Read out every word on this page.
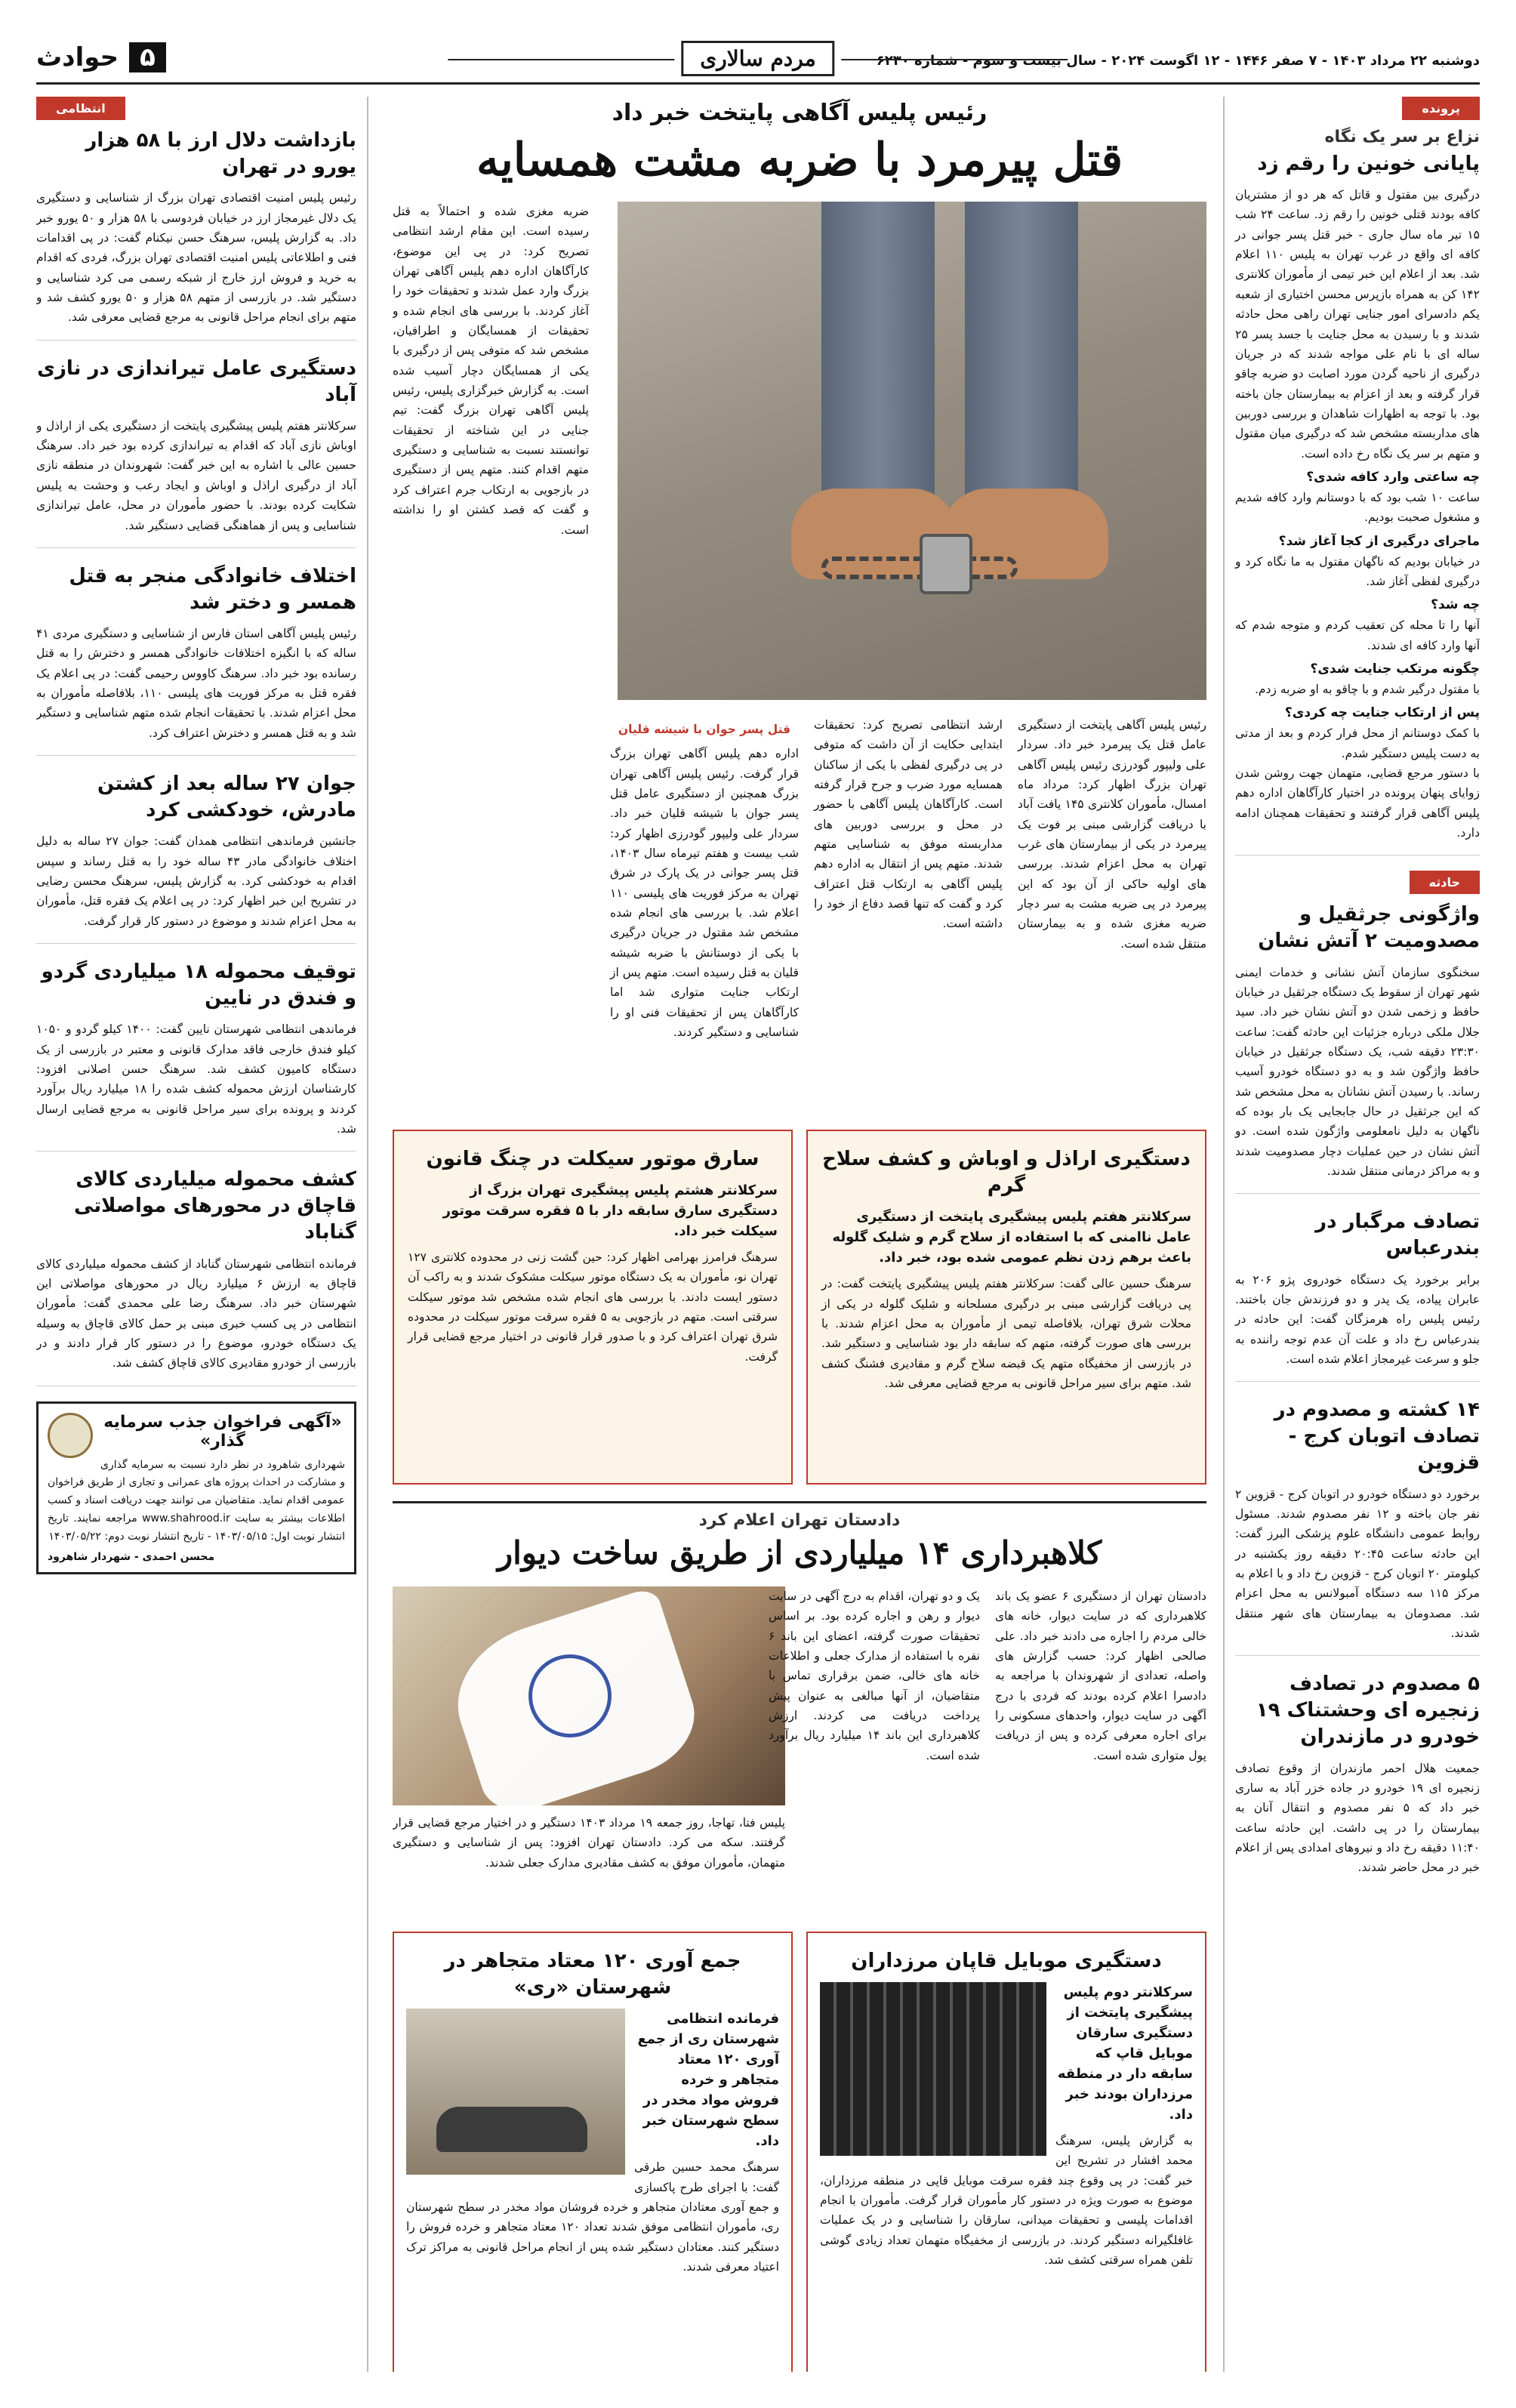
دوشنبه ۲۲ مرداد ۱۴۰۳ - ۷ صفر ۱۴۴۶ - ۱۲ اگوست ۲۰۲۴ - سال بیست و سوم - شماره ۶۲۳۰
مردم سالاری
۵
حوادث
پرونده
نزاع بر سر یک نگاه
پایانی خونین را رقم زد

درگیری بین مقتول و قاتل که هر دو از مشتریان کافه بودند قتلی خونین را رقم زد. ساعت ۲۴ شب ۱۵ تیر ماه سال جاری - خبر قتل پسر جوانی در کافه ای واقع در غرب تهران به پلیس ۱۱۰ اعلام شد. بعد از اعلام این خبر تیمی از مأموران کلانتری ۱۴۲ کن به همراه بازپرس محسن اختیاری از شعبه یکم دادسرای امور جنایی تهران راهی محل حادثه شدند و با رسیدن به محل جنایت با جسد پسر ۲۵ ساله ای با نام علی مواجه شدند که در جریان درگیری از ناحیه گردن مورد اصابت دو ضربه چاقو قرار گرفته و بعد از اعزام به بیمارستان جان باخته بود. با توجه به اظهارات شاهدان و بررسی دوربین های مداربسته مشخص شد که درگیری میان مقتول و متهم بر سر یک نگاه رخ داده است.

چه ساعتی وارد کافه شدی؟

ساعت ۱۰ شب بود که با دوستانم وارد کافه شدیم و مشغول صحبت بودیم.

ماجرای درگیری از کجا آغاز شد؟

در خیابان بودیم که ناگهان مقتول به ما نگاه کرد و درگیری لفظی آغاز شد.

چه شد؟

آنها را تا محله کن تعقیب کردم و متوجه شدم که آنها وارد کافه ای شدند.

چگونه مرتکب جنایت شدی؟

با مقتول درگیر شدم و با چاقو به او ضربه زدم.

پس از ارتکاب جنایت چه کردی؟

با کمک دوستانم از محل فرار کردم و بعد از مدتی به دست پلیس دستگیر شدم.

با دستور مرجع قضایی، متهمان جهت روشن شدن زوایای پنهان پرونده در اختیار کارآگاهان اداره دهم پلیس آگاهی قرار گرفتند و تحقیقات همچنان ادامه دارد.

حادثه
واژگونی جرثقیل و مصدومیت ۲ آتش نشان

سخنگوی سازمان آتش نشانی و خدمات ایمنی شهر تهران از سقوط یک دستگاه جرثقیل در خیابان حافظ و زخمی شدن دو آتش نشان خبر داد. سید جلال ملکی درباره جزئیات این حادثه گفت: ساعت ۲۳:۳۰ دقیقه شب، یک دستگاه جرثقیل در خیابان حافظ واژگون شد و به دو دستگاه خودرو آسیب رساند. با رسیدن آتش نشانان به محل مشخص شد که این جرثقیل در حال جابجایی یک بار بوده که ناگهان به دلیل نامعلومی واژگون شده است. دو آتش نشان در حین عملیات دچار مصدومیت شدند و به مراکز درمانی منتقل شدند.

تصادف مرگبار در بندرعباس

برابر برخورد یک دستگاه خودروی پژو ۲۰۶ به عابران پیاده، یک پدر و دو فرزندش جان باختند. رئیس پلیس راه هرمزگان گفت: این حادثه در بندرعباس رخ داد و علت آن عدم توجه راننده به جلو و سرعت غیرمجاز اعلام شده است.

۱۴ کشته و مصدوم در تصادف اتوبان کرج - قزوین

برخورد دو دستگاه خودرو در اتوبان کرج - قزوین ۲ نفر جان باخته و ۱۲ نفر مصدوم شدند. مسئول روابط عمومی دانشگاه علوم پزشکی البرز گفت: این حادثه ساعت ۲۰:۴۵ دقیقه روز یکشنبه در کیلومتر ۲۰ اتوبان کرج - قزوین رخ داد و با اعلام به مرکز ۱۱۵ سه دستگاه آمبولانس به محل اعزام شد. مصدومان به بیمارستان های شهر منتقل شدند.

۵ مصدوم در تصادف زنجیره ای وحشتناک ۱۹ خودرو در مازندران

جمعیت هلال احمر مازندران از وقوع تصادف زنجیره ای ۱۹ خودرو در جاده خزر آباد به ساری خبر داد که ۵ نفر مصدوم و انتقال آنان به بیمارستان را در پی داشت. این حادثه ساعت ۱۱:۴۰ دقیقه رخ داد و نیروهای امدادی پس از اعلام خبر در محل حاضر شدند.

انتظامی
بازداشت دلال ارز با ۵۸ هزار یورو در تهران

رئیس پلیس امنیت اقتصادی تهران بزرگ از شناسایی و دستگیری یک دلال غیرمجاز ارز در خیابان فردوسی با ۵۸ هزار و ۵۰ یورو خبر داد. به گزارش پلیس، سرهنگ حسن نیکنام گفت: در پی اقدامات فنی و اطلاعاتی پلیس امنیت اقتصادی تهران بزرگ، فردی که اقدام به خرید و فروش ارز خارج از شبکه رسمی می کرد شناسایی و دستگیر شد. در بازرسی از متهم ۵۸ هزار و ۵۰ یورو کشف شد و متهم برای انجام مراحل قانونی به مرجع قضایی معرفی شد.

دستگیری عامل تیراندازی در نازی آباد

سرکلانتر هفتم پلیس پیشگیری پایتخت از دستگیری یکی از اراذل و اوباش نازی آباد که اقدام به تیراندازی کرده بود خبر داد. سرهنگ حسین عالی با اشاره به این خبر گفت: شهروندان در منطقه نازی آباد از درگیری اراذل و اوباش و ایجاد رعب و وحشت به پلیس شکایت کرده بودند. با حضور مأموران در محل، عامل تیراندازی شناسایی و پس از هماهنگی قضایی دستگیر شد.

اختلاف خانوادگی منجر به قتل همسر و دختر شد

رئیس پلیس آگاهی استان فارس از شناسایی و دستگیری مردی ۴۱ ساله که با انگیزه اختلافات خانوادگی همسر و دخترش را به قتل رسانده بود خبر داد. سرهنگ کاووس رحیمی گفت: در پی اعلام یک فقره قتل به مرکز فوریت های پلیسی ۱۱۰، بلافاصله مأموران به محل اعزام شدند. با تحقیقات انجام شده متهم شناسایی و دستگیر شد و به قتل همسر و دخترش اعتراف کرد.

جوان ۲۷ ساله بعد از کشتن مادرش، خودکشی کرد

جانشین فرماندهی انتظامی همدان گفت: جوان ۲۷ ساله به دلیل اختلاف خانوادگی مادر ۴۳ ساله خود را به قتل رساند و سپس اقدام به خودکشی کرد. به گزارش پلیس، سرهنگ محسن رضایی در تشریح این خبر اظهار کرد: در پی اعلام یک فقره قتل، مأموران به محل اعزام شدند و موضوع در دستور کار قرار گرفت.

توقیف محموله ۱۸ میلیاردی گردو و فندق در نایین

فرماندهی انتظامی شهرستان نایین گفت: ۱۴۰۰ کیلو گردو و ۱۰۵۰ کیلو فندق خارجی فاقد مدارک قانونی و معتبر در بازرسی از یک دستگاه کامیون کشف شد. سرهنگ حسن اصلانی افزود: کارشناسان ارزش محموله کشف شده را ۱۸ میلیارد ریال برآورد کردند و پرونده برای سیر مراحل قانونی به مرجع قضایی ارسال شد.

کشف محموله میلیاردی کالای قاچاق در محورهای مواصلاتی گناباد

فرمانده انتظامی شهرستان گناباد از کشف محموله میلیاردی کالای قاچاق به ارزش ۶ میلیارد ریال در محورهای مواصلاتی این شهرستان خبر داد. سرهنگ رضا علی محمدی گفت: مأموران انتظامی در پی کسب خبری مبنی بر حمل کالای قاچاق به وسیله یک دستگاه خودرو، موضوع را در دستور کار قرار دادند و در بازرسی از خودرو مقادیری کالای قاچاق کشف شد.

«آگهی فراخوان جذب سرمایه گذار»

شهرداری شاهرود در نظر دارد نسبت به سرمایه گذاری و مشارکت در احداث پروژه های عمرانی و تجاری از طریق فراخوان عمومی اقدام نماید. متقاضیان می توانند جهت دریافت اسناد و کسب اطلاعات بیشتر به سایت www.shahrood.ir مراجعه نمایند. تاریخ انتشار نوبت اول: ۱۴۰۳/۰۵/۱۵ - تاریخ انتشار نوبت دوم: ۱۴۰۳/۰۵/۲۲

محسن احمدی - شهردار شاهرود

رئیس پلیس آگاهی پایتخت خبر داد
قتل پیرمرد با ضربه مشت همسایه

ضربه مغزی شده و احتمالاً به قتل رسیده است. این مقام ارشد انتظامی تصریح کرد: در پی این موضوع، کارآگاهان اداره دهم پلیس آگاهی تهران بزرگ وارد عمل شدند و تحقیقات خود را آغاز کردند. با بررسی های انجام شده و تحقیقات از همسایگان و اطرافیان، مشخص شد که متوفی پس از درگیری با یکی از همسایگان دچار آسیب شده است. به گزارش خبرگزاری پلیس، رئیس پلیس آگاهی تهران بزرگ گفت: تیم جنایی در این شناخته از تحقیقات توانستند نسبت به شناسایی و دستگیری متهم اقدام کنند. متهم پس از دستگیری در بازجویی به ارتکاب جرم اعتراف کرد و گفت که قصد کشتن او را نداشته است.

رئیس پلیس آگاهی پایتخت از دستگیری عامل قتل یک پیرمرد خبر داد. سردار علی ولیپور گودرزی رئیس پلیس آگاهی تهران بزرگ اظهار کرد: مرداد ماه امسال، مأموران کلانتری ۱۴۵ یافت آباد با دریافت گزارشی مبنی بر فوت یک پیرمرد در یکی از بیمارستان های غرب تهران به محل اعزام شدند. بررسی های اولیه حاکی از آن بود که این پیرمرد در پی ضربه مشت به سر دچار ضربه مغزی شده و به بیمارستان منتقل شده است.

ارشد انتظامی تصریح کرد: تحقیقات ابتدایی حکایت از آن داشت که متوفی در پی درگیری لفظی با یکی از ساکنان همسایه مورد ضرب و جرح قرار گرفته است. کارآگاهان پلیس آگاهی با حضور در محل و بررسی دوربین های مداربسته موفق به شناسایی متهم شدند. متهم پس از انتقال به اداره دهم پلیس آگاهی به ارتکاب قتل اعتراف کرد و گفت که تنها قصد دفاع از خود را داشته است.

قتل پسر جوان با شیشه قلیان

اداره دهم پلیس آگاهی تهران بزرگ قرار گرفت. رئیس پلیس آگاهی تهران بزرگ همچنین از دستگیری عامل قتل پسر جوان با شیشه قلیان خبر داد. سردار علی ولیپور گودرزی اظهار کرد: شب بیست و هفتم تیرماه سال ۱۴۰۳، قتل پسر جوانی در یک پارک در شرق تهران به مرکز فوریت های پلیسی ۱۱۰ اعلام شد. با بررسی های انجام شده مشخص شد مقتول در جریان درگیری با یکی از دوستانش با ضربه شیشه قلیان به قتل رسیده است. متهم پس از ارتکاب جنایت متواری شد اما کارآگاهان پس از تحقیقات فنی او را شناسایی و دستگیر کردند.

دستگیری اراذل و اوباش و کشف سلاح گرم

سرکلانتر هفتم پلیس پیشگیری پایتخت از دستگیری عامل ناامنی که با استفاده از سلاح گرم و شلیک گلوله باعث برهم زدن نظم عمومی شده بود، خبر داد.

سرهنگ حسین عالی گفت: سرکلانتر هفتم پلیس پیشگیری پایتخت گفت: در پی دریافت گزارشی مبنی بر درگیری مسلحانه و شلیک گلوله در یکی از محلات شرق تهران، بلافاصله تیمی از مأموران به محل اعزام شدند. با بررسی های صورت گرفته، متهم که سابقه دار بود شناسایی و دستگیر شد. در بازرسی از مخفیگاه متهم یک قبضه سلاح گرم و مقادیری فشنگ کشف شد. متهم برای سیر مراحل قانونی به مرجع قضایی معرفی شد.

سارق موتور سیکلت در چنگ قانون

سرکلانتر هشتم پلیس پیشگیری تهران بزرگ از دستگیری سارق سابقه دار با ۵ فقره سرقت موتور سیکلت خبر داد.

سرهنگ فرامرز بهرامی اظهار کرد: حین گشت زنی در محدوده کلانتری ۱۲۷ تهران نو، مأموران به یک دستگاه موتور سیکلت مشکوک شدند و به راکب آن دستور ایست دادند. با بررسی های انجام شده مشخص شد موتور سیکلت سرقتی است. متهم در بازجویی به ۵ فقره سرقت موتور سیکلت در محدوده شرق تهران اعتراف کرد و با صدور قرار قانونی در اختیار مرجع قضایی قرار گرفت.

دادستان تهران اعلام کرد
کلاهبرداری ۱۴ میلیاردی از طریق ساخت دیوار

دادستان تهران از دستگیری ۶ عضو یک باند کلاهبرداری که در سایت دیوار، خانه های خالی مردم را اجاره می دادند خبر داد. علی صالحی اظهار کرد: حسب گزارش های واصله، تعدادی از شهروندان با مراجعه به دادسرا اعلام کرده بودند که فردی با درج آگهی در سایت دیوار، واحدهای مسکونی را برای اجاره معرفی کرده و پس از دریافت پول متواری شده است.

یک و دو تهران، اقدام به درج آگهی در سایت دیوار و رهن و اجاره کرده بود. بر اساس تحقیقات صورت گرفته، اعضای این باند ۶ نفره با استفاده از مدارک جعلی و اطلاعات خانه های خالی، ضمن برقراری تماس با متقاضیان، از آنها مبالغی به عنوان پیش پرداخت دریافت می کردند. ارزش کلاهبرداری این باند ۱۴ میلیارد ریال برآورد شده است.

پلیس فتا، تهاجا، روز جمعه ۱۹ مرداد ۱۴۰۳ دستگیر و در اختیار مرجع قضایی قرار گرفتند. سکه می کرد. دادستان تهران افزود: پس از شناسایی و دستگیری متهمان، مأموران موفق به کشف مقادیری مدارک جعلی شدند.

دستگیری موبایل قاپان مرزداران

سرکلانتر دوم پلیس پیشگیری پایتخت از دستگیری سارقان موبایل قاپ که سابقه دار در منطقه مرزداران بودند خبر داد.

به گزارش پلیس، سرهنگ محمد افشار در تشریح این خبر گفت: در پی وقوع چند فقره سرقت موبایل قاپی در منطقه مرزداران، موضوع به صورت ویژه در دستور کار مأموران قرار گرفت. مأموران با انجام اقدامات پلیسی و تحقیقات میدانی، سارقان را شناسایی و در یک عملیات غافلگیرانه دستگیر کردند. در بازرسی از مخفیگاه متهمان تعداد زیادی گوشی تلفن همراه سرقتی کشف شد.

جمع آوری ۱۲۰ معتاد متجاهر در شهرستان «ری»

فرمانده انتظامی شهرستان ری از جمع آوری ۱۲۰ معتاد متجاهر و خرده فروش مواد مخدر در سطح شهرستان خبر داد.

سرهنگ محمد حسین طرقی گفت: با اجرای طرح پاکسازی و جمع آوری معتادان متجاهر و خرده فروشان مواد مخدر در سطح شهرستان ری، مأموران انتظامی موفق شدند تعداد ۱۲۰ معتاد متجاهر و خرده فروش را دستگیر کنند. معتادان دستگیر شده پس از انجام مراحل قانونی به مراکز ترک اعتیاد معرفی شدند.
